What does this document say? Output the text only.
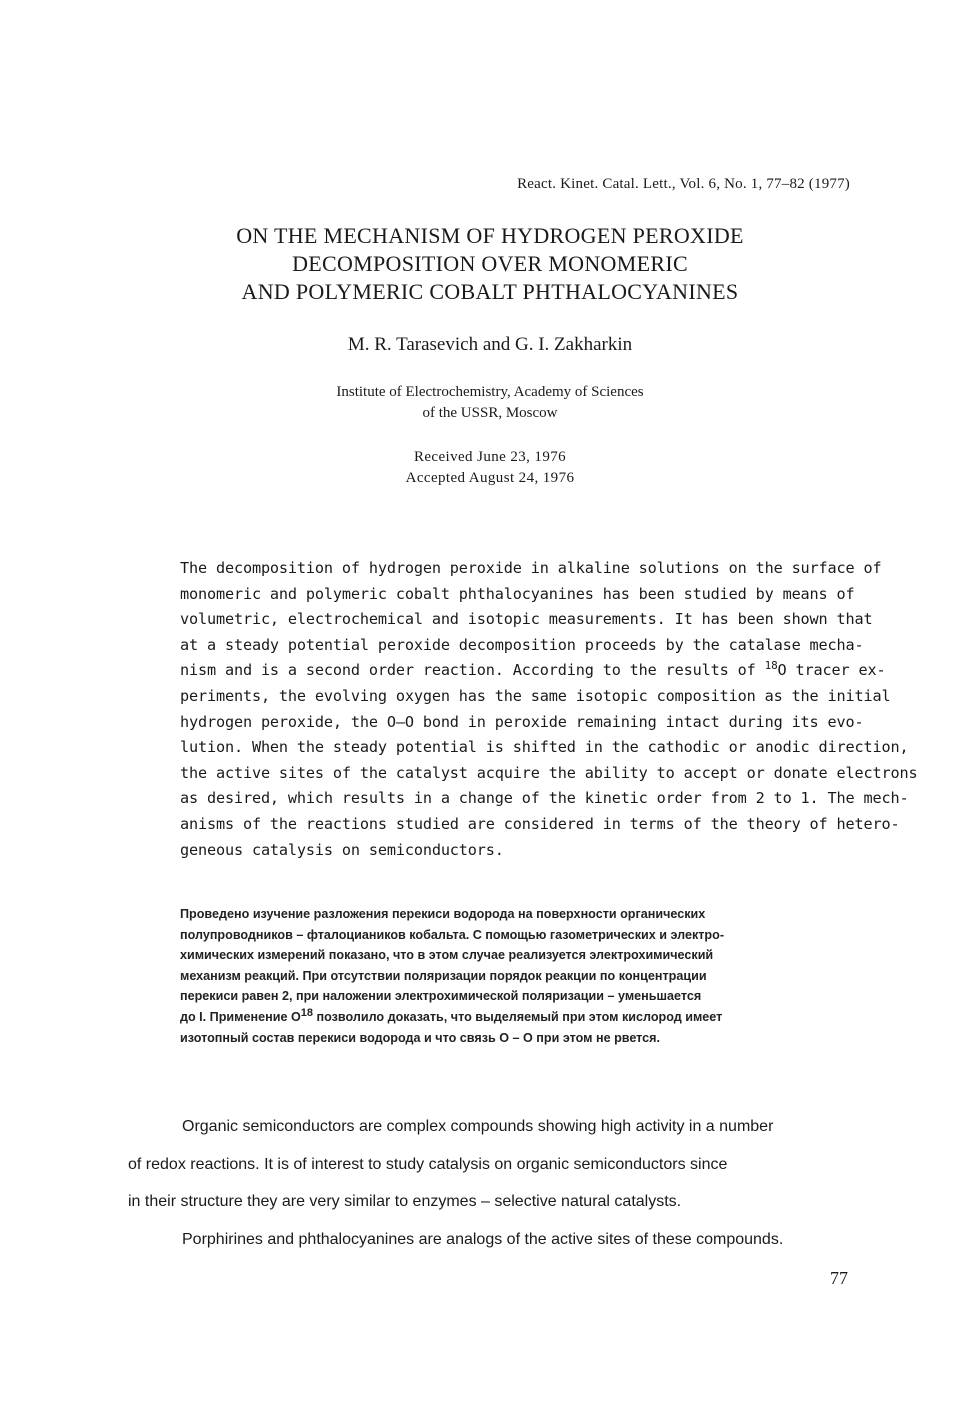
React. Kinet. Catal. Lett., Vol. 6, No. 1, 77–82 (1977)
ON THE MECHANISM OF HYDROGEN PEROXIDE
DECOMPOSITION OVER MONOMERIC
AND POLYMERIC COBALT PHTHALOCYANINES
M. R. Tarasevich and G. I. Zakharkin
Institute of Electrochemistry, Academy of Sciences
of the USSR, Moscow
Received June 23, 1976
Accepted August 24, 1976
The decomposition of hydrogen peroxide in alkaline solutions on the surface of
monomeric and polymeric cobalt phthalocyanines has been studied by means of
volumetric, electrochemical and isotopic measurements. It has been shown that
at a steady potential peroxide decomposition proceeds by the catalase mecha-
nism and is a second order reaction. According to the results of $^{18}$O tracer ex-
periments, the evolving oxygen has the same isotopic composition as the initial
hydrogen peroxide, the O–O bond in peroxide remaining intact during its evo-
lution. When the steady potential is shifted in the cathodic or anodic direction,
the active sites of the catalyst acquire the ability to accept or donate electrons
as desired, which results in a change of the kinetic order from 2 to 1. The mech-
anisms of the reactions studied are considered in terms of the theory of hetero-
geneous catalysis on semiconductors.
Проведено изучение разложения перекиси водорода на поверхности органических
полупроводников – фталоциаников кобальта. С помощью газометрических и электро-
химических измерений показано, что в этом случае реализуется электрохимический
механизм реакций. При отсутствии поляризации порядок реакции по концентрации
перекиси равен 2, при наложении электрохимической поляризации – уменьшается
до I. Применение $O^{18}$ позволило доказать, что выделяемый при этом кислород имеет
изотопный состав перекиси водорода и что связь O – O при этом не рвется.
Organic semiconductors are complex compounds showing high activity in a number
of redox reactions. It is of interest to study catalysis on organic semiconductors since
in their structure they are very similar to enzymes – selective natural catalysts.
Porphirines and phthalocyanines are analogs of the active sites of these compounds.
77
